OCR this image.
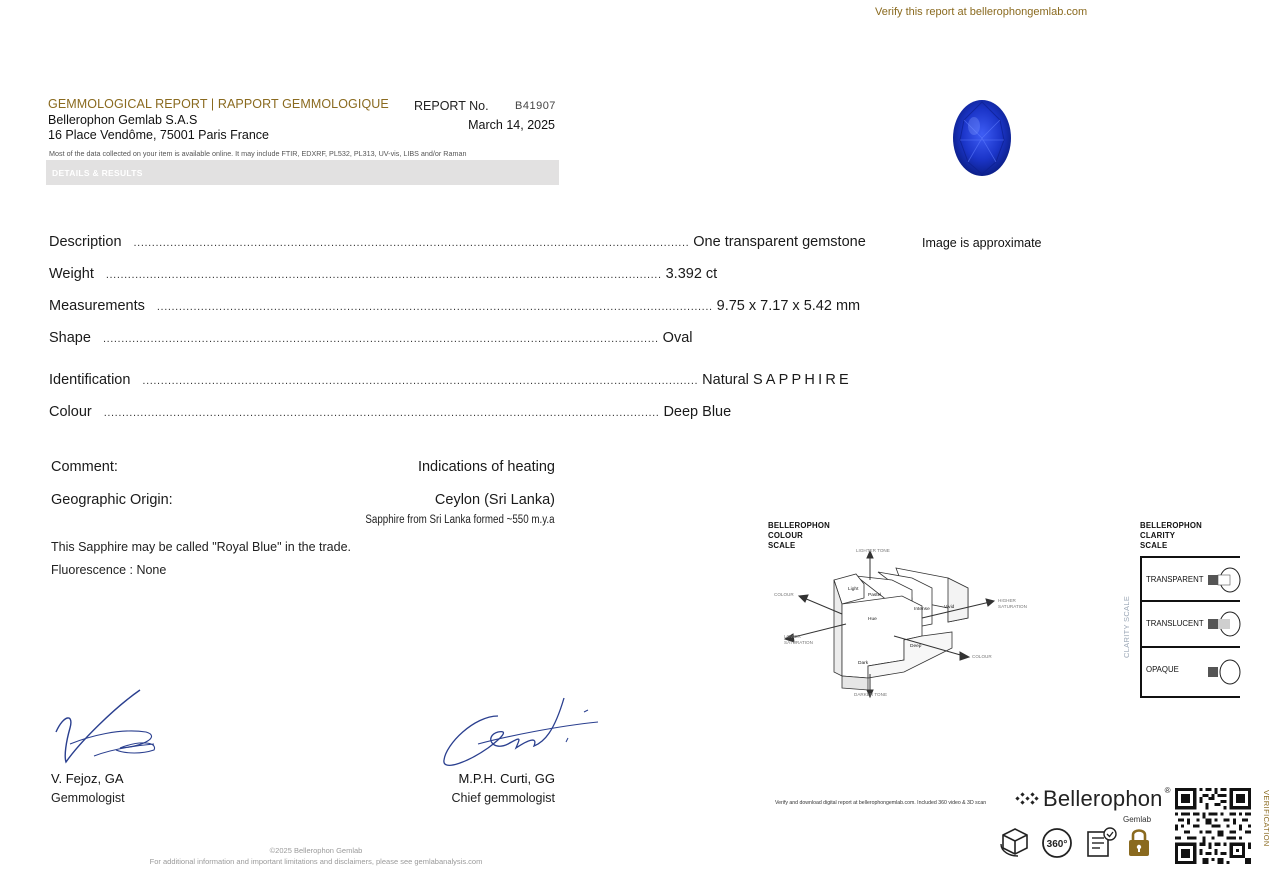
Verify this report at bellerophongemlab.com
GEMMOLOGICAL REPORT | RAPPORT GEMMOLOGIQUE
Bellerophon Gemlab S.A.S
16 Place Vendôme, 75001 Paris France
REPORT No. B41907
March 14, 2025
Most of the data collected on your item is available online. It may include FTIR, EDXRF, PL532, PL313, UV-vis, LIBS and/or Raman
DETAILS & RESULTS
Description ........................................................................................................................................................ One transparent gemstone
Weight ........................................................................................................................................................ 3.392 ct
Measurements ........................................................................................................................................................ 9.75 x 7.17 x 5.42 mm
Shape ........................................................................................................................................................ Oval
Identification ........................................................................................................................................................ Natural SAPPHIRE
Colour ........................................................................................................................................................ Deep Blue
Comment:	Indications of heating
Geographic Origin:	Ceylon (Sri Lanka)
Sapphire from Sri Lanka formed ~550 m.y.a
This Sapphire may be called "Royal Blue" in the trade.
Fluorescence : None
V. Fejoz, GA
Gemmologist
M.P.H. Curti, GG
Chief gemmologist
©2025 Bellerophon Gemlab
For additional information and important limitations and disclaimers, please see gemlabanalysis.com
Image is approximate
BELLEROPHON
COLOUR
SCALE
LIGHTER TONE
DARKER TONE
HIGHER
SATURATION
LOWER
SATURATION
COLOUR
COLOUR
Light
Pastel
Hue
Intense	Vivid
Deep
Dark
BELLEROPHON
CLARITY
SCALE
CLARITY SCALE
TRANSPARENT
TRANSLUCENT
OPAQUE
Verify and download digital report at bellerophongemlab.com. Included 360 video & 3D scan	Bellerophon ®
Gemlab
360°	VERIFICATION
